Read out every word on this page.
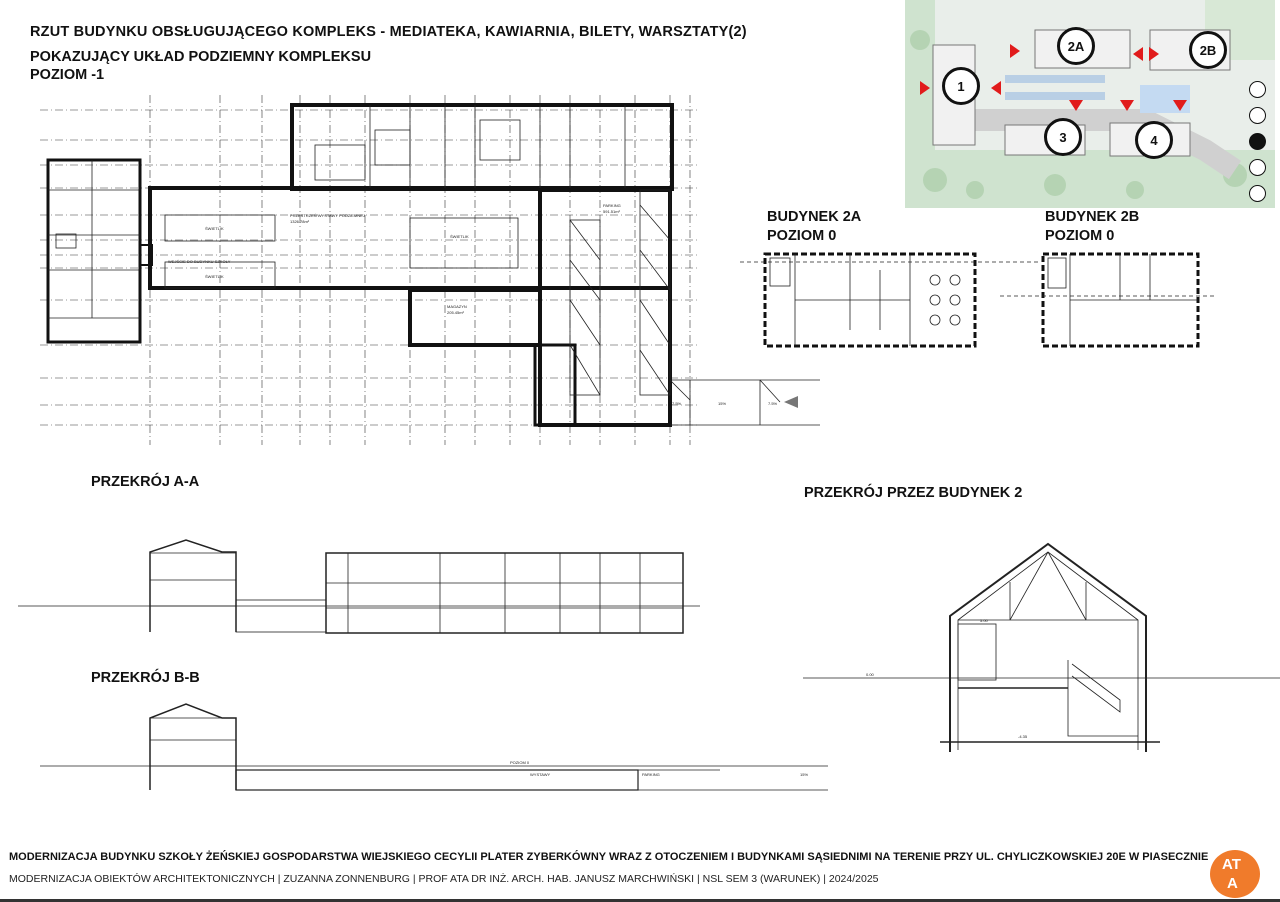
RZUT BUDYNKU OBSŁUGUJĄCEGO KOMPLEKS - MEDIATEKA, KAWIARNIA, BILETY, WARSZTATY(2)
POKAZUJĄCY UKŁAD PODZIEMNY KOMPLEKSU
POZIOM -1
BUDYNEK 2A
POZIOM 0
BUDYNEK 2B
POZIOM 0
PRZEKRÓJ A-A
PRZEKRÓJ B-B
PRZEKRÓJ PRZEZ BUDYNEK 2
1
2A	2B
3	4
PRZESTRZEŃ WYSTAWY PODZIEMNEJ
1326.78m²
ŚWIETLIK
ŚWIETLIK
ŚWIETLIK
MAGAZYN
205.45m²
PARKING
591.51m²
WEJŚCIE DO BUDYNKU SZKOŁY
7.5%	15%	7.5%
POZIOM 0
WYSTAWY	PARKING	15%
5.00
-4.35
0.00
MODERNIZACJA BUDYNKU SZKOŁY ŻEŃSKIEJ GOSPODARSTWA WIEJSKIEGO CECYLII PLATER ZYBERKÓWNY WRAZ Z OTOCZENIEM I BUDYNKAMI SĄSIEDNIMI NA TERENIE PRZY UL. CHYLICZKOWSKIEJ 20E W PIASECZNIE
MODERNIZACJA OBIEKTÓW ARCHITEKTONICZNYCH | ZUZANNA ZONNENBURG | PROF ATA DR INŻ. ARCH. HAB. JANUSZ MARCHWIŃSKI | NSL SEM 3 (WARUNEK) | 2024/2025
AT
A
